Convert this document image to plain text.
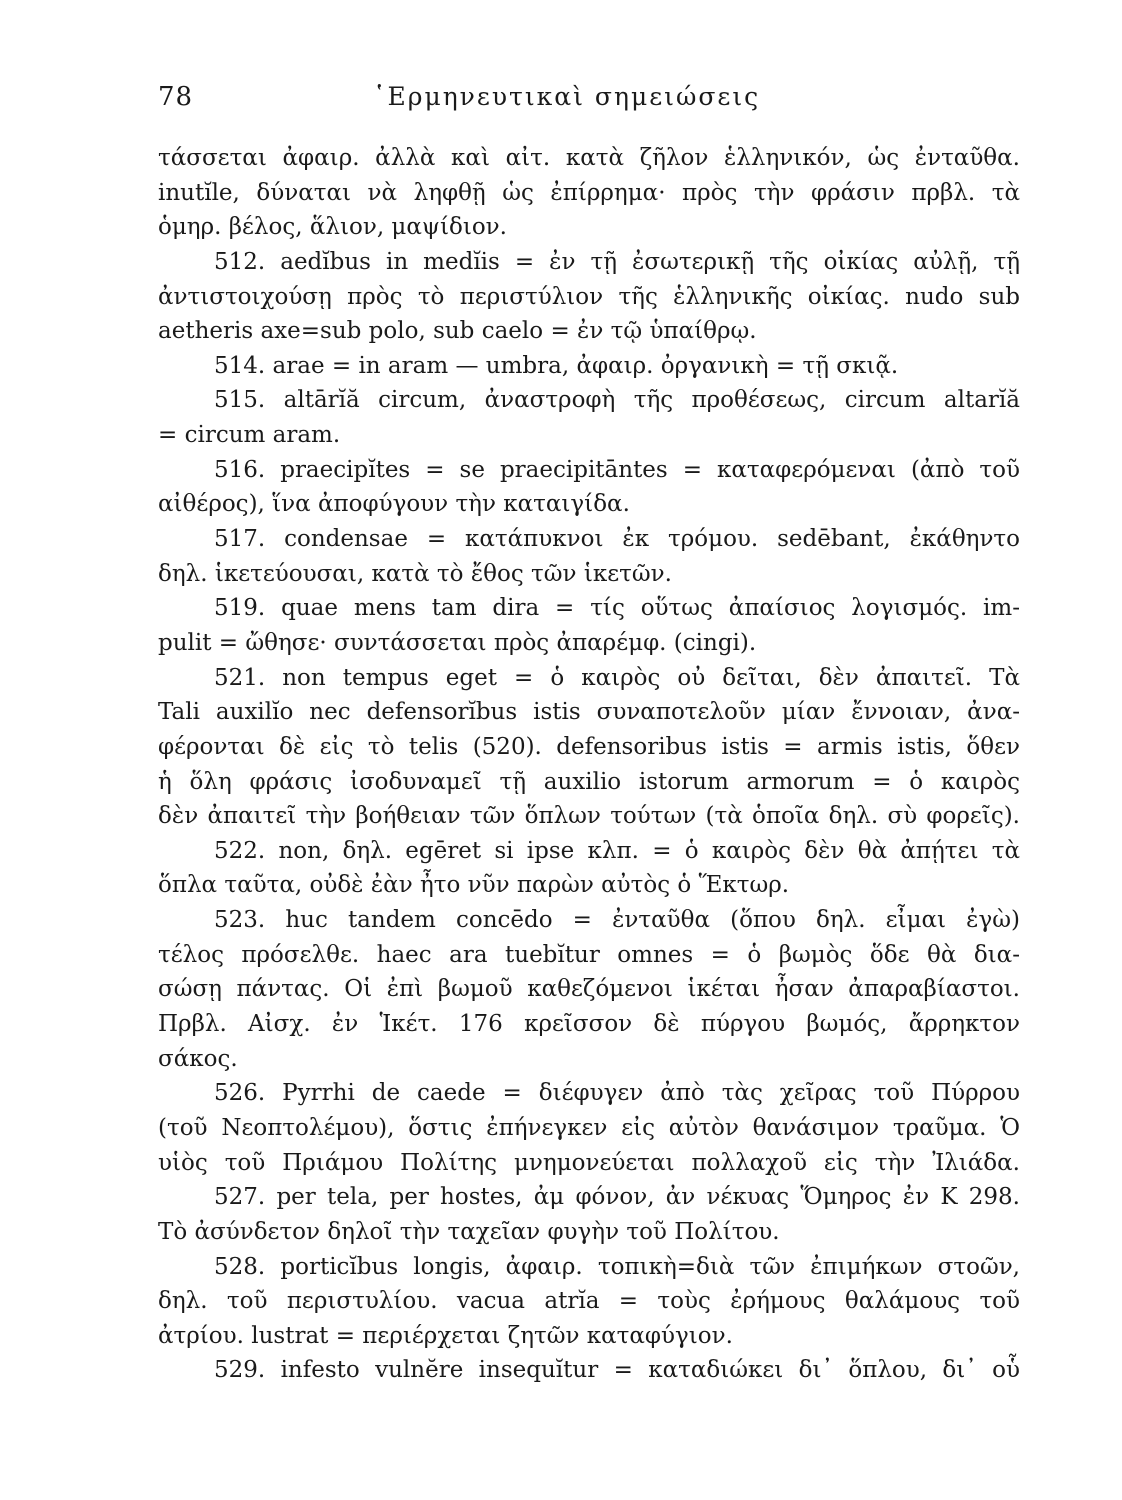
78	῾Ερμηνευτικαὶ σημειώσεις
τάσσεται ἀφαιρ. ἀλλὰ καὶ αἰτ. κατὰ ζῆλον ἑλληνικόν, ὡς ἐνταῦθα.
inutĭle, δύναται νὰ ληφθῇ ὡς ἐπίρρημα· πρὸς τὴν φράσιν πρβλ. τὰ
ὁμηρ. βέλος, ἅλιον, μαψίδιον.
512. aedĭbus in medĭis = ἐν τῇ ἐσωτερικῇ τῆς οἰκίας αὐλῇ, τῇ
ἀντιστοιχούσῃ πρὸς τὸ περιστύλιον τῆς ἑλληνικῆς οἰκίας. nudo sub
aetheris axe=sub polo, sub caelo = ἐν τῷ ὑπαίθρῳ.
514. arae = in aram — umbra, ἀφαιρ. ὀργανικὴ = τῇ σκιᾷ.
515. altārĭă circum, ἀναστροφὴ τῆς προθέσεως, circum altarĭă
= circum aram.
516. praecipĭtes = se praecipitāntes = καταφερόμεναι (ἀπὸ τοῦ
αἰθέρος), ἵνα ἀποφύγουν τὴν καταιγίδα.
517. condensae = κατάπυκνοι ἐκ τρόμου. sedēbant, ἐκάθηντο
δηλ. ἱκετεύουσαι, κατὰ τὸ ἔθος τῶν ἱκετῶν.
519. quae mens tam dira = τίς οὕτως ἀπαίσιος λογισμός. im-
pulit = ὤθησε· συντάσσεται πρὸς ἀπαρέμφ. (cingi).
521. non tempus eget = ὁ καιρὸς οὐ δεῖται, δὲν ἀπαιτεῖ. Τὰ
Tali auxilĭo nec defensorĭbus istis συναποτελοῦν μίαν ἔννοιαν, ἀνα-
φέρονται δὲ εἰς τὸ telis (520). defensoribus istis = armis istis, ὅθεν
ἡ ὅλη φράσις ἰσοδυναμεῖ τῇ auxilio istorum armorum = ὁ καιρὸς
δὲν ἀπαιτεῖ τὴν βοήθειαν τῶν ὅπλων τούτων (τὰ ὁποῖα δηλ. σὺ φορεῖς).
522. non, δηλ. egēret si ipse κλπ. = ὁ καιρὸς δὲν θὰ ἀπῄτει τὰ
ὅπλα ταῦτα, οὐδὲ ἐὰν ἦτο νῦν παρὼν αὐτὸς ὁ Ἕκτωρ.
523. huc tandem concēdo = ἐνταῦθα (ὅπου δηλ. εἶμαι ἐγὼ)
τέλος πρόσελθε. haec ara tuebĭtur omnes = ὁ βωμὸς ὅδε θὰ δια-
σώσῃ πάντας. Οἱ ἐπὶ βωμοῦ καθεζόμενοι ἱκέται ἦσαν ἀπαραβίαστοι.
Πρβλ. Αἰσχ. ἐν Ἱκέτ. 176 κρεῖσσον δὲ πύργου βωμός, ἄρρηκτον
σάκος.
526. Pyrrhi de caede = διέφυγεν ἀπὸ τὰς χεῖρας τοῦ Πύρρου
(τοῦ Νεοπτολέμου), ὅστις ἐπήνεγκεν εἰς αὐτὸν θανάσιμον τραῦμα. Ὁ
υἱὸς τοῦ Πριάμου Πολίτης μνημονεύεται πολλαχοῦ εἰς τὴν Ἰλιάδα.
527. per tela, per hostes, ἀμ φόνον, ἀν νέκυας Ὅμηρος ἐν Κ 298.
Τὸ ἀσύνδετον δηλοῖ τὴν ταχεῖαν φυγὴν τοῦ Πολίτου.
528. porticĭbus longis, ἀφαιρ. τοπικὴ=διὰ τῶν ἐπιμήκων στοῶν,
δηλ. τοῦ περιστυλίου. vacua atrĭa = τοὺς ἐρήμους θαλάμους τοῦ
ἀτρίου. lustrat = περιέρχεται ζητῶν καταφύγιον.
529. infesto vulnĕre insequĭtur = καταδιώκει δι᾽ ὅπλου, δι᾽ οὗ
